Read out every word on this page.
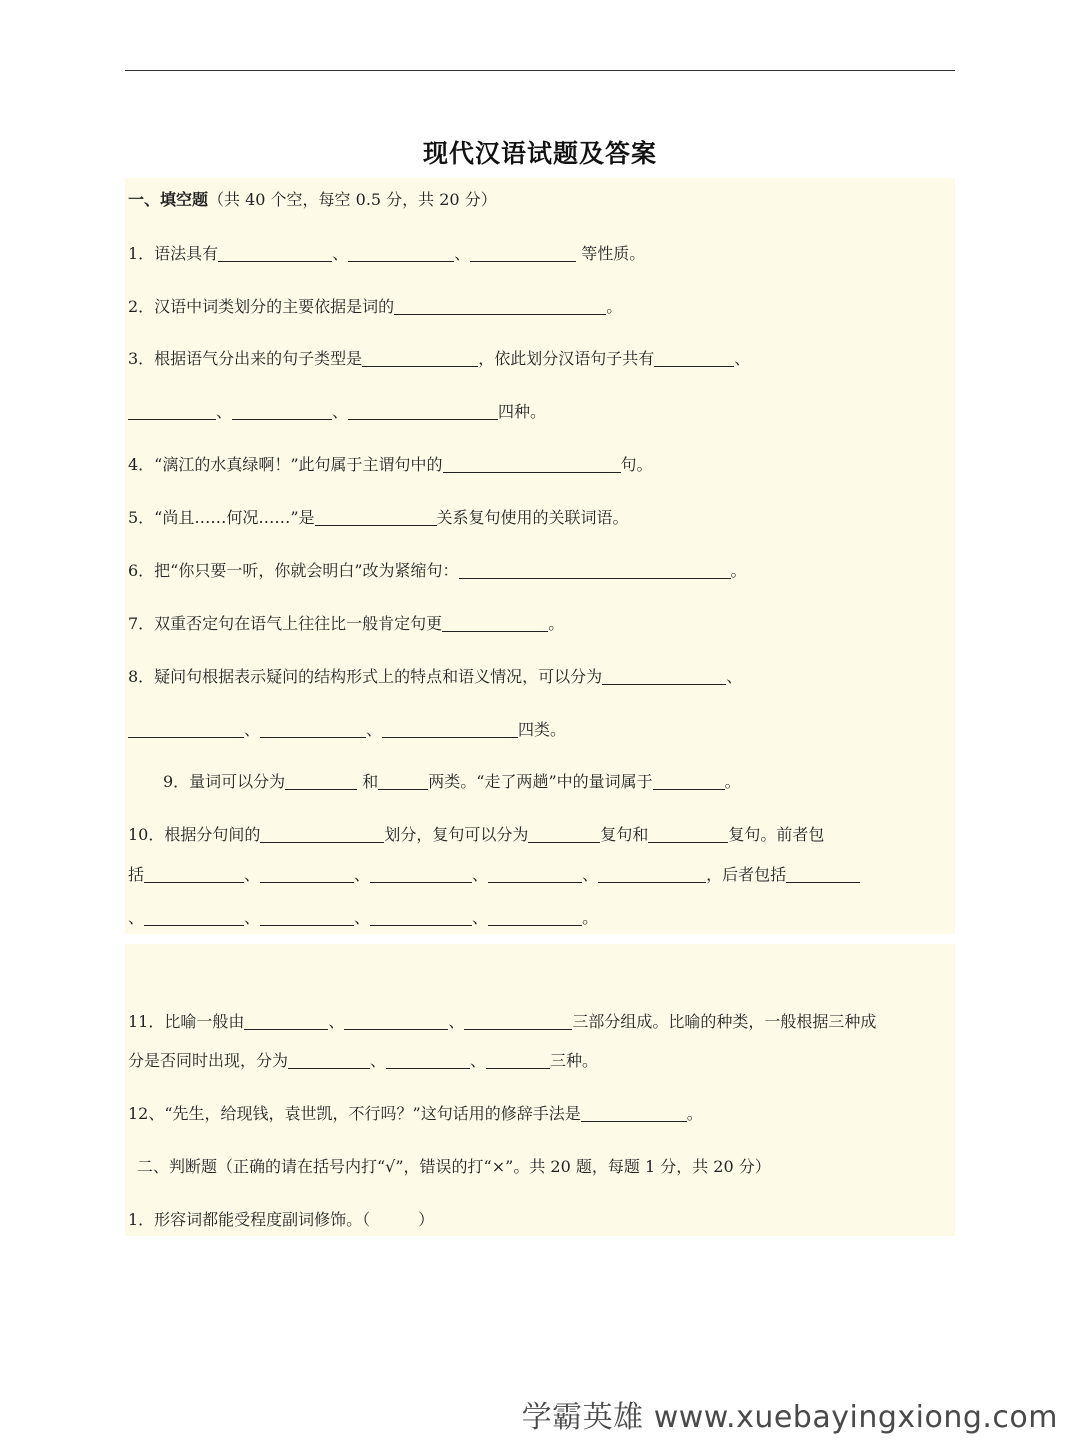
现代汉语试题及答案
一、填空题（共 40 个空，每空 0.5 分，共 20 分）
1．语法具有	、	、	等性质。
2．汉语中词类划分的主要依据是词的	。
3．根据语气分出来的句子类型是	，依此划分汉语句子共有	、
、	、	四种。
4．“漓江的水真绿啊！”此句属于主谓句中的	句。
5．“尚且……何况……”是	关系复句使用的关联词语。
6．把“你只要一听，你就会明白”改为紧缩句：	。
7．双重否定句在语气上往往比一般肯定句更	。
8．疑问句根据表示疑问的结构形式上的特点和语义情况，可以分为	、
、	、	四类。
9．量词可以分为	和	两类。“走了两趟”中的量词属于	。
10．根据分句间的	划分，复句可以分为	复句和	复句。前者包
括	、	、	、	、	，后者包括
、	、	、	、	。
11．比喻一般由	、	、	三部分组成。比喻的种类，一般根据三种成
分是否同时出现，分为	、	、	三种。
12、“先生，给现钱，袁世凯，不行吗？”这句话用的修辞手法是	。
二、判断题（正确的请在括号内打“√”，错误的打“×”。共 20 题，每题 1 分，共 20 分）
1．形容词都能受程度副词修饰。（　　　）
学霸英雄 www.xuebayingxiong.com
